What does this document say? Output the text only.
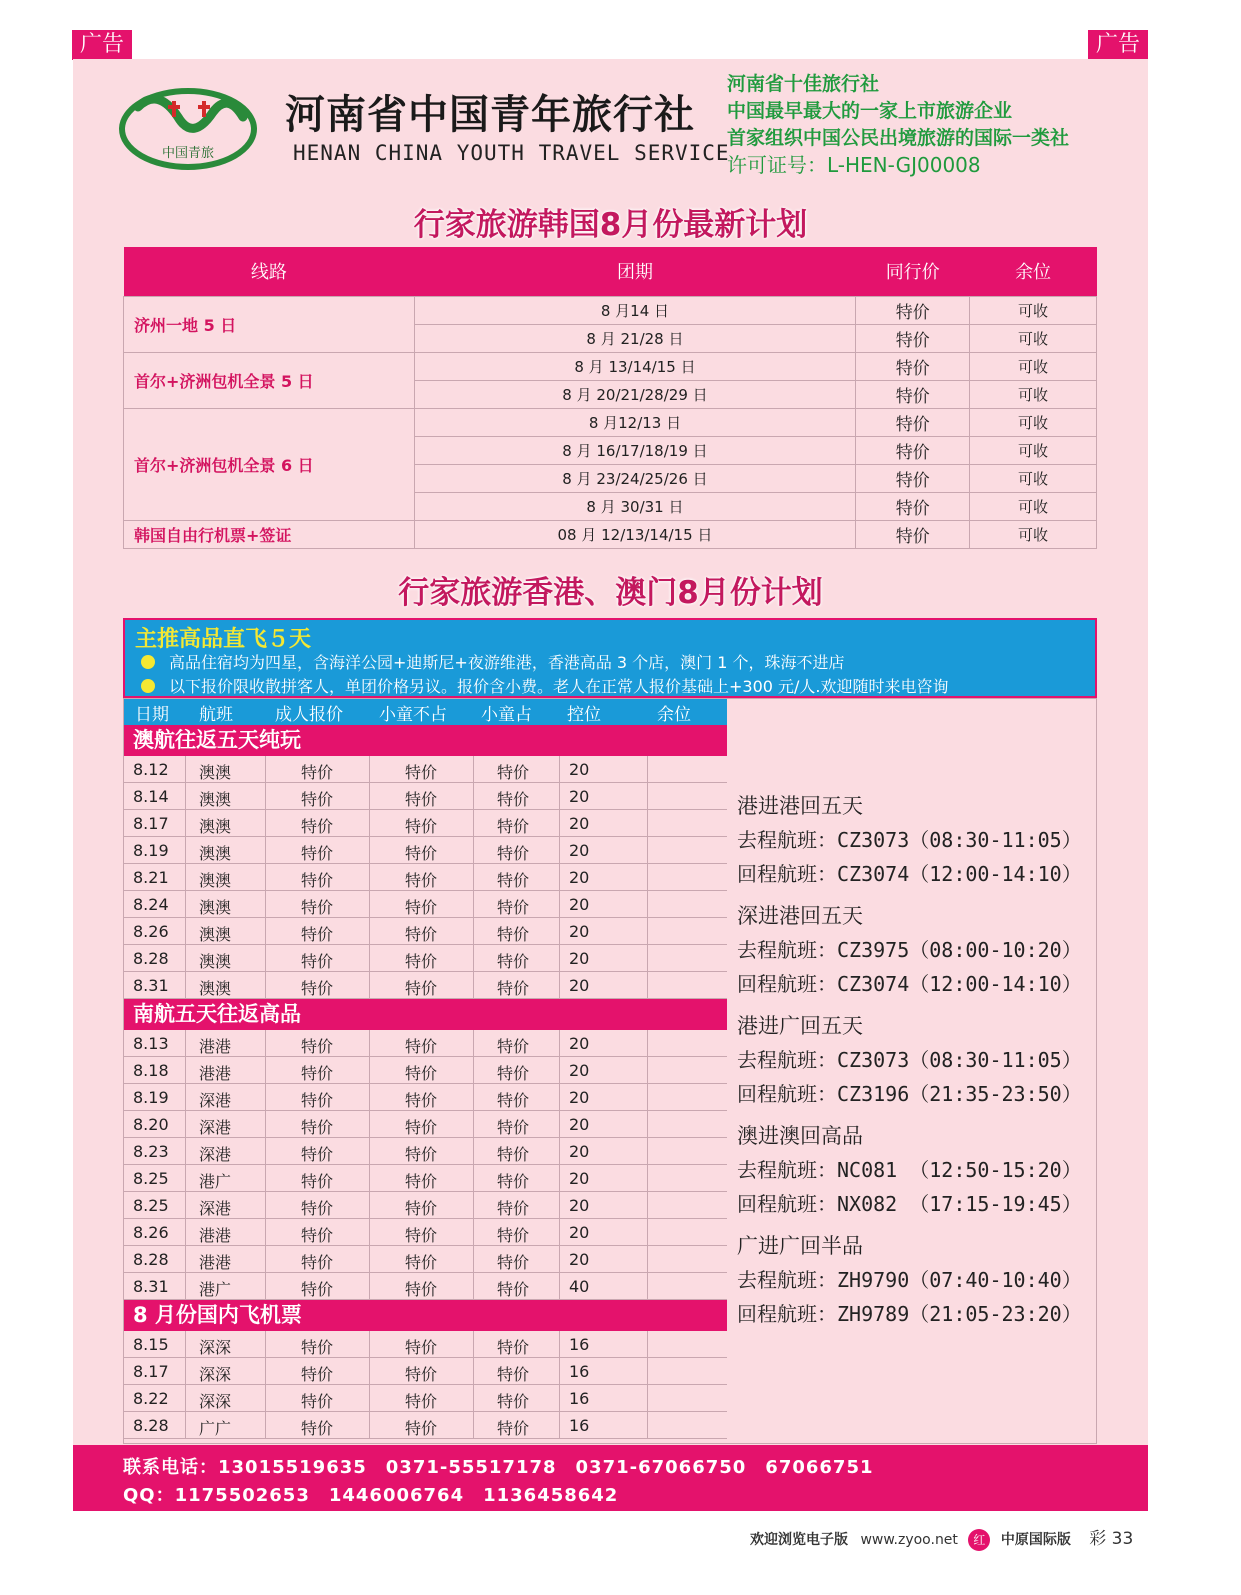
广告	广告
中国青旅
河南省中国青年旅行社
HENAN CHINA YOUTH TRAVEL SERVICE
河南省十佳旅行社
中国最早最大的一家上市旅游企业
首家组织中国公民出境旅游的国际一类社
许可证号：L-HEN-GJ00008
行家旅游韩国8月份最新计划
线路	团期	同行价	余位
济州一地 5 日	8 月14 日	特价	可收
	8 月 21/28 日	特价	可收
首尔+济洲包机全景 5 日	8 月 13/14/15 日	特价	可收
	8 月 20/21/28/29 日	特价	可收
首尔+济洲包机全景 6 日	8 月12/13 日	特价	可收
	8 月 16/17/18/19 日	特价	可收
	8 月 23/24/25/26 日	特价	可收
	8 月 30/31 日	特价	可收
韩国自由行机票+签证	08 月 12/13/14/15 日	特价	可收
行家旅游香港、澳门8月份计划
主推高品直飞５天
高品住宿均为四星，含海洋公园+迪斯尼+夜游维港，香港高品 3 个店，澳门 1 个，珠海不进店
以下报价限收散拼客人，单团价格另议。报价含小费。老人在正常人报价基础上+300 元/人.欢迎随时来电咨询
日期 航班 成人报价 小童不占 小童占 控位	余位
澳航往返五天纯玩
8.12 澳澳	特价	特价	特价 20
8.14 澳澳	特价	特价	特价 20
8.17 澳澳	特价	特价	特价 20
8.19 澳澳	特价	特价	特价 20
8.21 澳澳	特价	特价	特价 20
8.24 澳澳	特价	特价	特价 20
8.26 澳澳	特价	特价	特价 20
8.28 澳澳	特价	特价	特价 20
8.31 澳澳	特价	特价	特价 20
南航五天往返高品
8.13 港港	特价	特价	特价 20
8.18 港港	特价	特价	特价 20
8.19 深港	特价	特价	特价 20
8.20 深港	特价	特价	特价 20
8.23 深港	特价	特价	特价 20
8.25 港广	特价	特价	特价 20
8.25 深港	特价	特价	特价 20
8.26 港港	特价	特价	特价 20
8.28 港港	特价	特价	特价 20
8.31 港广	特价	特价	特价 40
8 月份国内飞机票
8.15 深深	特价	特价	特价 16
8.17 深深	特价	特价	特价 16
8.22 深深	特价	特价	特价 16
8.28 广广	特价	特价	特价 16
港进港回五天
去程航班：CZ3073（08:30-11:05）
回程航班：CZ3074（12:00-14:10）
深进港回五天
去程航班：CZ3975（08:00-10:20）
回程航班：CZ3074（12:00-14:10）
港进广回五天
去程航班：CZ3073（08:30-11:05）
回程航班：CZ3196（21:35-23:50）
澳进澳回高品
去程航班：NC081 （12:50-15:20）
回程航班：NX082 （17:15-19:45）
广进广回半品
去程航班：ZH9790（07:40-10:40）
回程航班：ZH9789（21:05-23:20）
联系电话：13015519635　0371-55517178　0371-67066750　67066751
QQ：1175502653　1446006764　1136458642
欢迎浏览电子版 www.zyoo.net 红 中原国际版 彩 33
